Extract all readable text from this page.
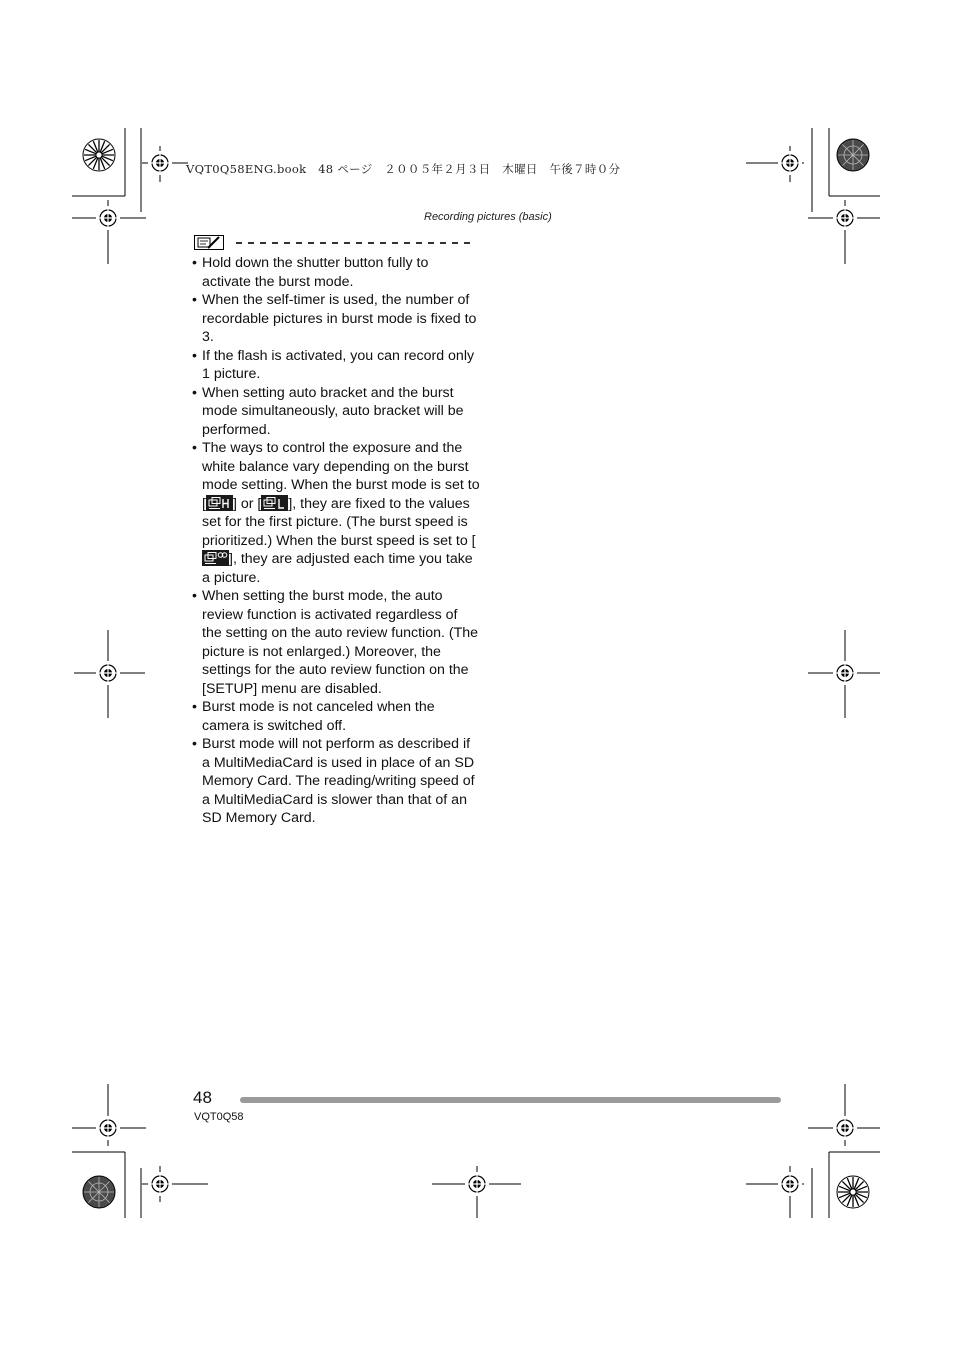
VQT0Q58ENG.book　48 ページ　２００５年２月３日　木曜日　午後７時０分
Recording pictures (basic)
• Hold down the shutter button fully to activate the burst mode.
• When the self-timer is used, the number of recordable pictures in burst mode is fixed to 3.
• If the flash is activated, you can record only 1 picture.
• When setting auto bracket and the burst mode simultaneously, auto bracket will be performed.
• The ways to control the exposure and the white balance vary depending on the burst mode setting. When the burst mode is set to [ ] or [ ], they are fixed to the values set for the first picture. (The burst speed is prioritized.) When the burst speed is set to [], they are adjusted each time you take a picture.
• When setting the burst mode, the auto review function is activated regardless of the setting on the auto review function. (The picture is not enlarged.) Moreover, the settings for the auto review function on the [SETUP] menu are disabled.
• Burst mode is not canceled when the camera is switched off.
• Burst mode will not perform as described if a MultiMediaCard is used in place of an SD Memory Card. The reading/writing speed of a MultiMediaCard is slower than that of an SD Memory Card.
48
VQT0Q58
